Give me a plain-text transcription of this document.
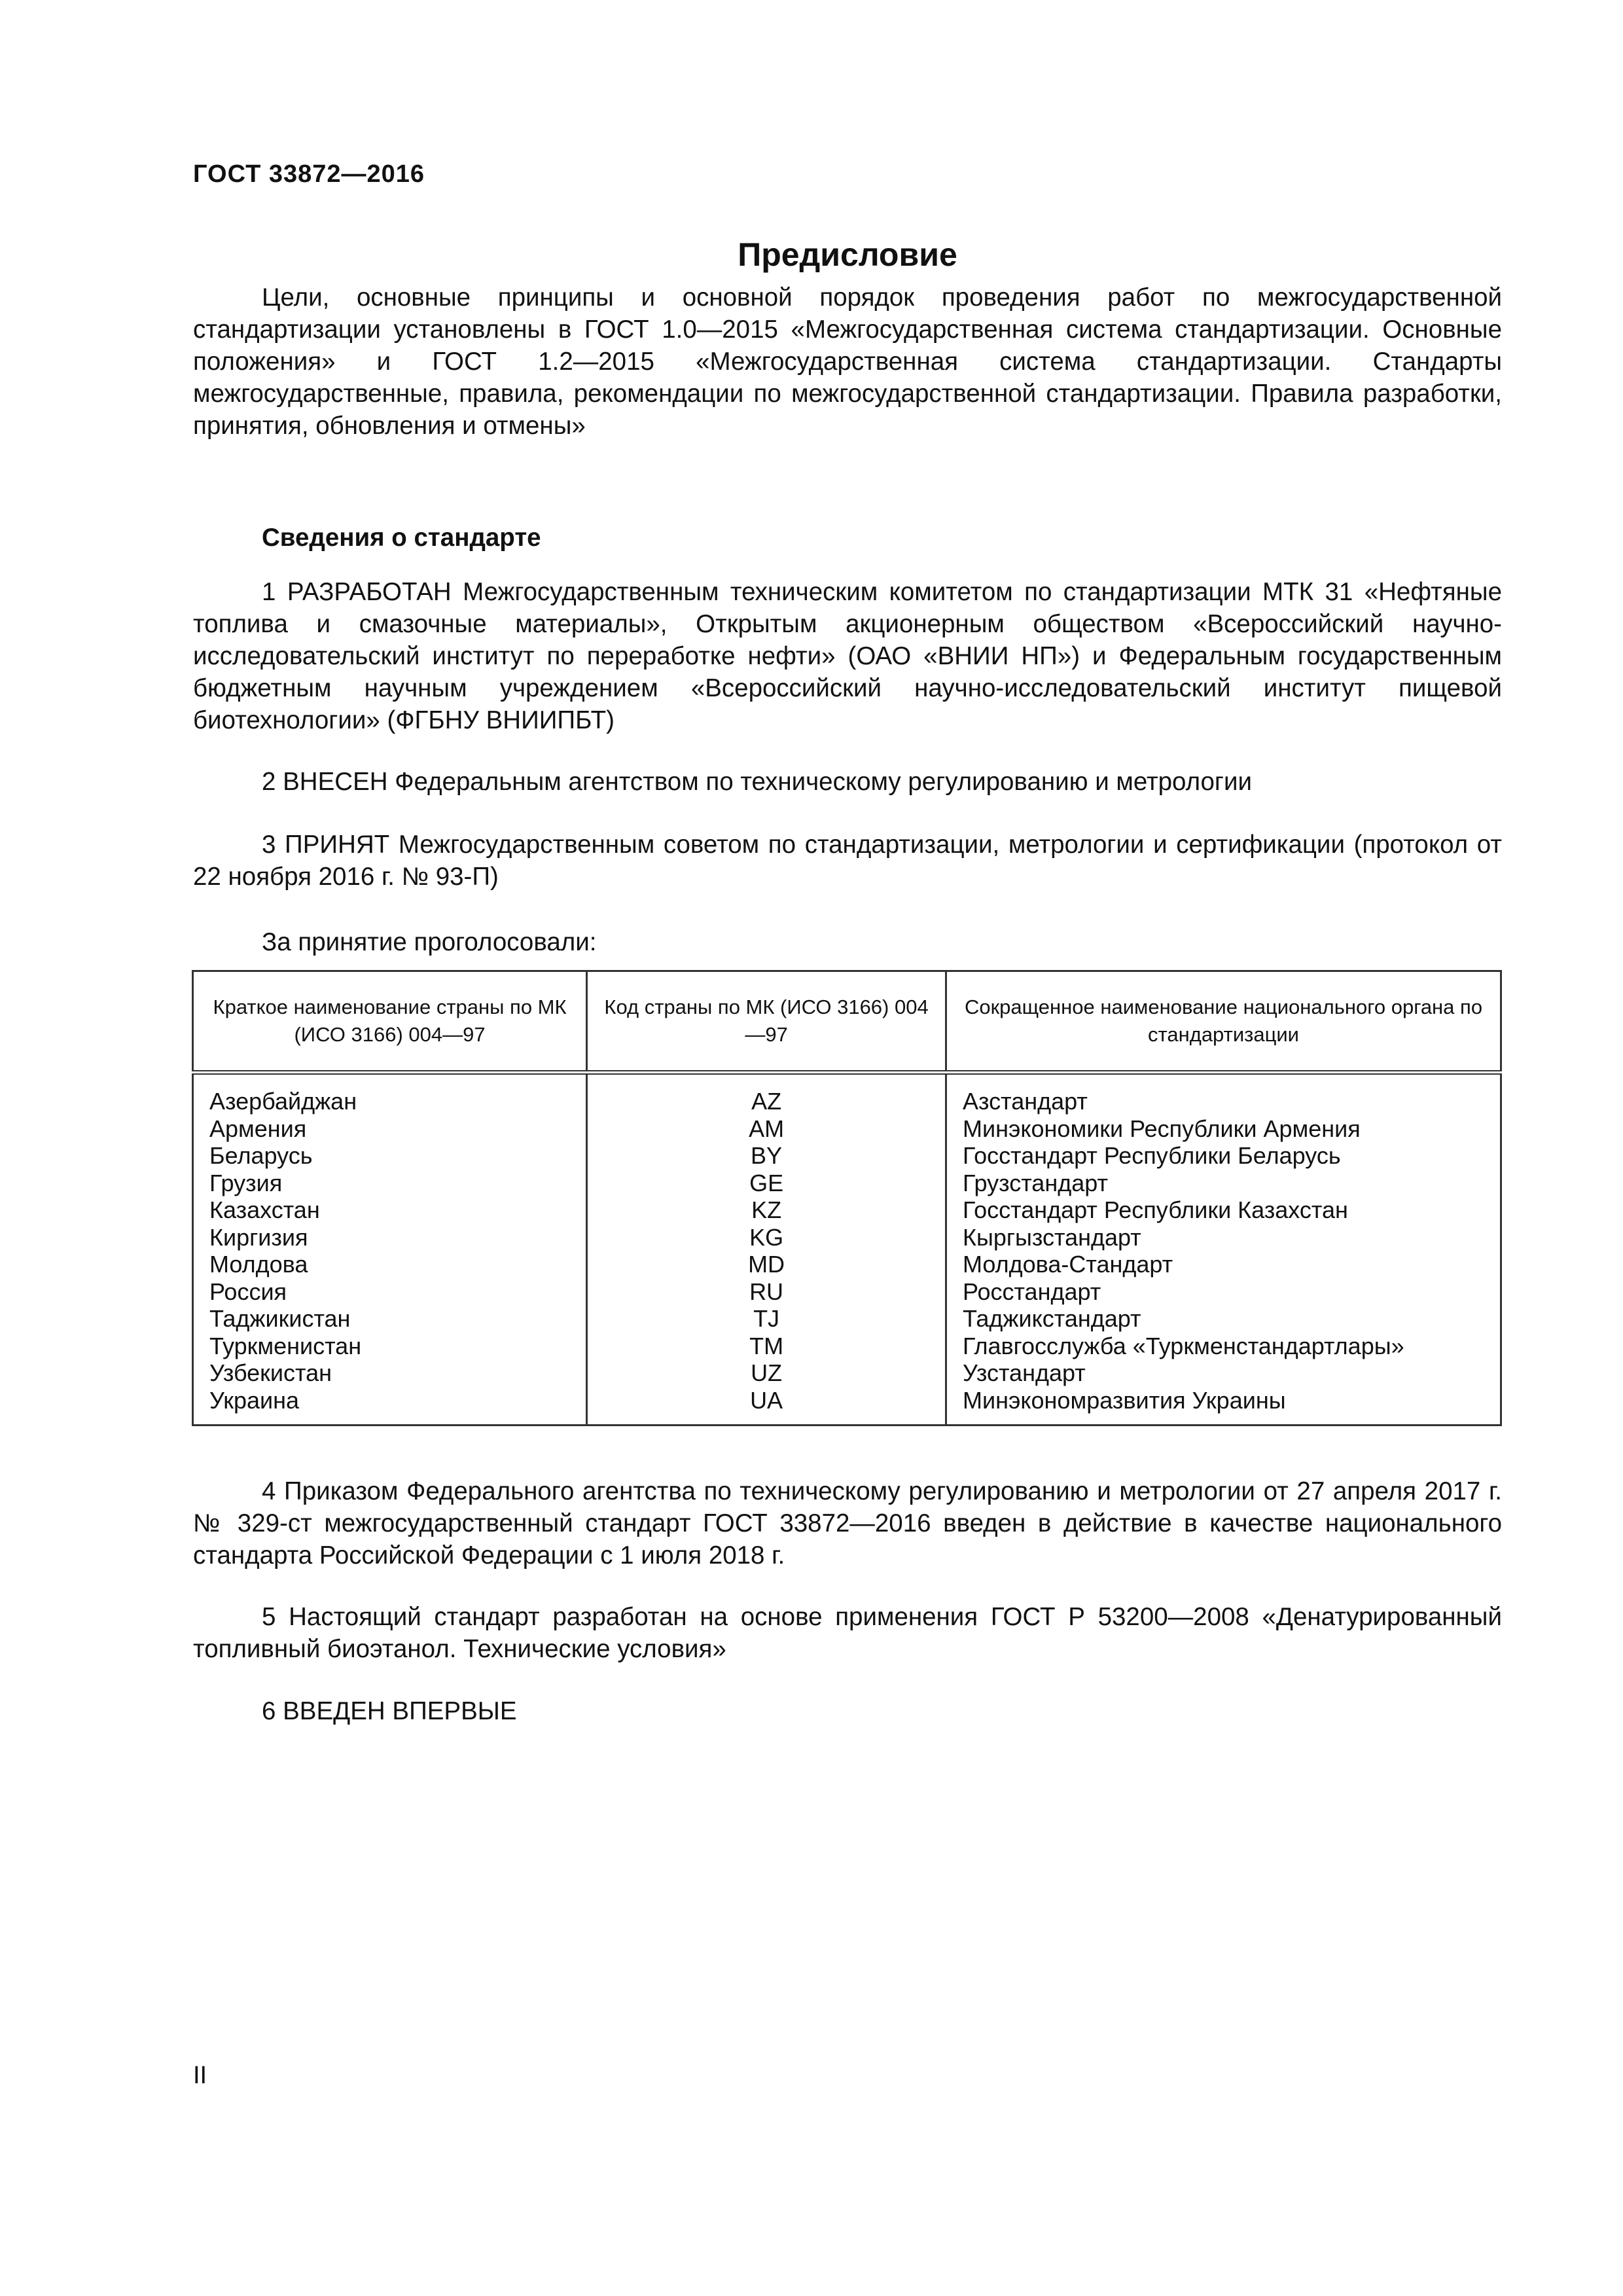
ГОСТ 33872—2016
Предисловие

Цели, основные принципы и основной порядок проведения работ по межгосударственной стандартизации установлены в ГОСТ 1.0—2015 «Межгосударственная система стандартизации. Основные положения» и ГОСТ 1.2—2015 «Межгосударственная система стандартизации. Стандарты межгосударственные, правила, рекомендации по межгосударственной стандартизации. Правила разработки, принятия, обновления и отмены»

Сведения о стандарте

1 РАЗРАБОТАН Межгосударственным техническим комитетом по стандартизации МТК 31 «Нефтяные топлива и смазочные материалы», Открытым акционерным обществом «Всероссийский научно-исследовательский институт по переработке нефти» (ОАО «ВНИИ НП») и Федеральным государственным бюджетным научным учреждением «Всероссийский научно-исследовательский институт пищевой биотехнологии» (ФГБНУ ВНИИПБТ)

2 ВНЕСЕН Федеральным агентством по техническому регулированию и метрологии

3 ПРИНЯТ Межгосударственным советом по стандартизации, метрологии и сертификации (протокол от 22 ноября 2016 г. № 93-П)

За принятие проголосовали:
Краткое наименование страны по МК (ИСО 3166) 004—97	Код страны по МК (ИСО 3166) 004—97	Сокращенное наименование национального органа по стандартизации
Азербайджан	AZ	Азстандарт
Армения	AM	Минэкономики Республики Армения
Беларусь	BY	Госстандарт Республики Беларусь
Грузия	GE	Грузстандарт
Казахстан	KZ	Госстандарт Республики Казахстан
Киргизия	KG	Кыргызстандарт
Молдова	MD	Молдова-Стандарт
Россия	RU	Росстандарт
Таджикистан	TJ	Таджикстандарт
Туркменистан	TM	Главгосслужба «Туркменстандартлары»
Узбекистан	UZ	Узстандарт
Украина	UA	Минэкономразвития Украины

4 Приказом Федерального агентства по техническому регулированию и метрологии от 27 апреля 2017 г. № 329-ст межгосударственный стандарт ГОСТ 33872—2016 введен в действие в качестве национального стандарта Российской Федерации с 1 июля 2018 г.

5 Настоящий стандарт разработан на основе применения ГОСТ Р 53200—2008 «Денатурированный топливный биоэтанол. Технические условия»

6 ВВЕДЕН ВПЕРВЫЕ

II
